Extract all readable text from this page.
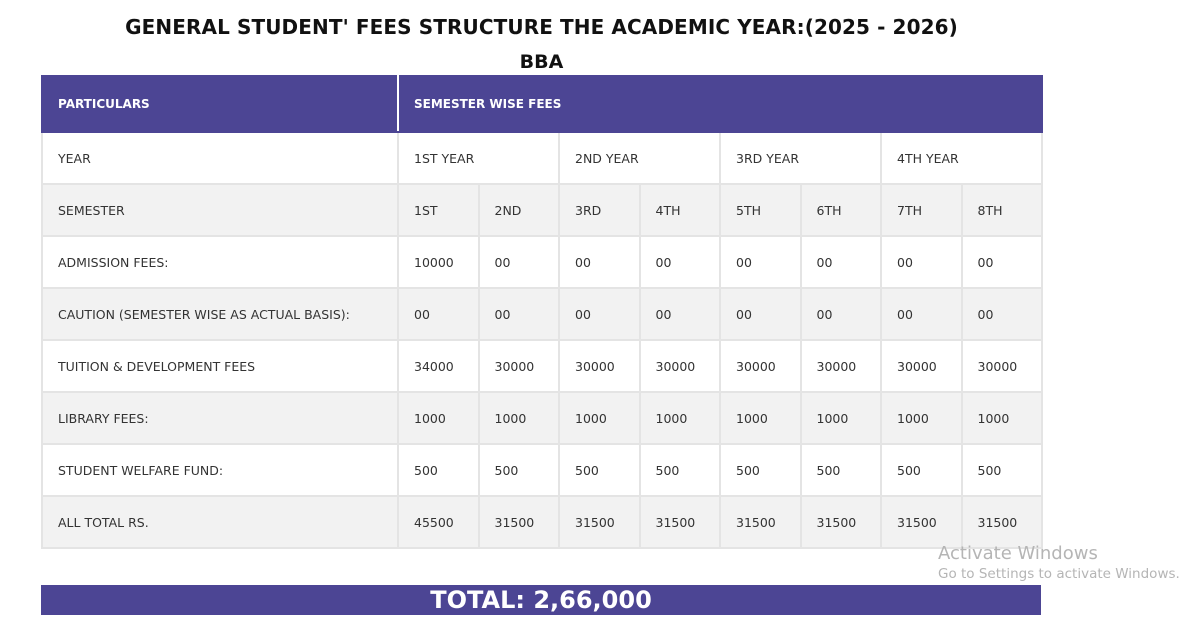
GENERAL STUDENT' FEES STRUCTURE THE ACADEMIC YEAR:(2025 - 2026)
BBA
PARTICULARS	SEMESTER WISE FEES							
YEAR	1ST YEAR		2ND YEAR		3RD YEAR		4TH YEAR	
SEMESTER	1ST	2ND	3RD	4TH	5TH	6TH	7TH	8TH
ADMISSION FEES:	10000	00	00	00	00	00	00	00
CAUTION (SEMESTER WISE AS ACTUAL BASIS):	00	00	00	00	00	00	00	00
TUITION & DEVELOPMENT FEES	34000	30000	30000	30000	30000	30000	30000	30000
LIBRARY FEES:	1000	1000	1000	1000	1000	1000	1000	1000
STUDENT WELFARE FUND:	500	500	500	500	500	500	500	500
ALL TOTAL RS.	45500	31500	31500	31500	31500	31500	31500	31500
TOTAL: 2,66,000
Activate Windows
Go to Settings to activate Windows.
